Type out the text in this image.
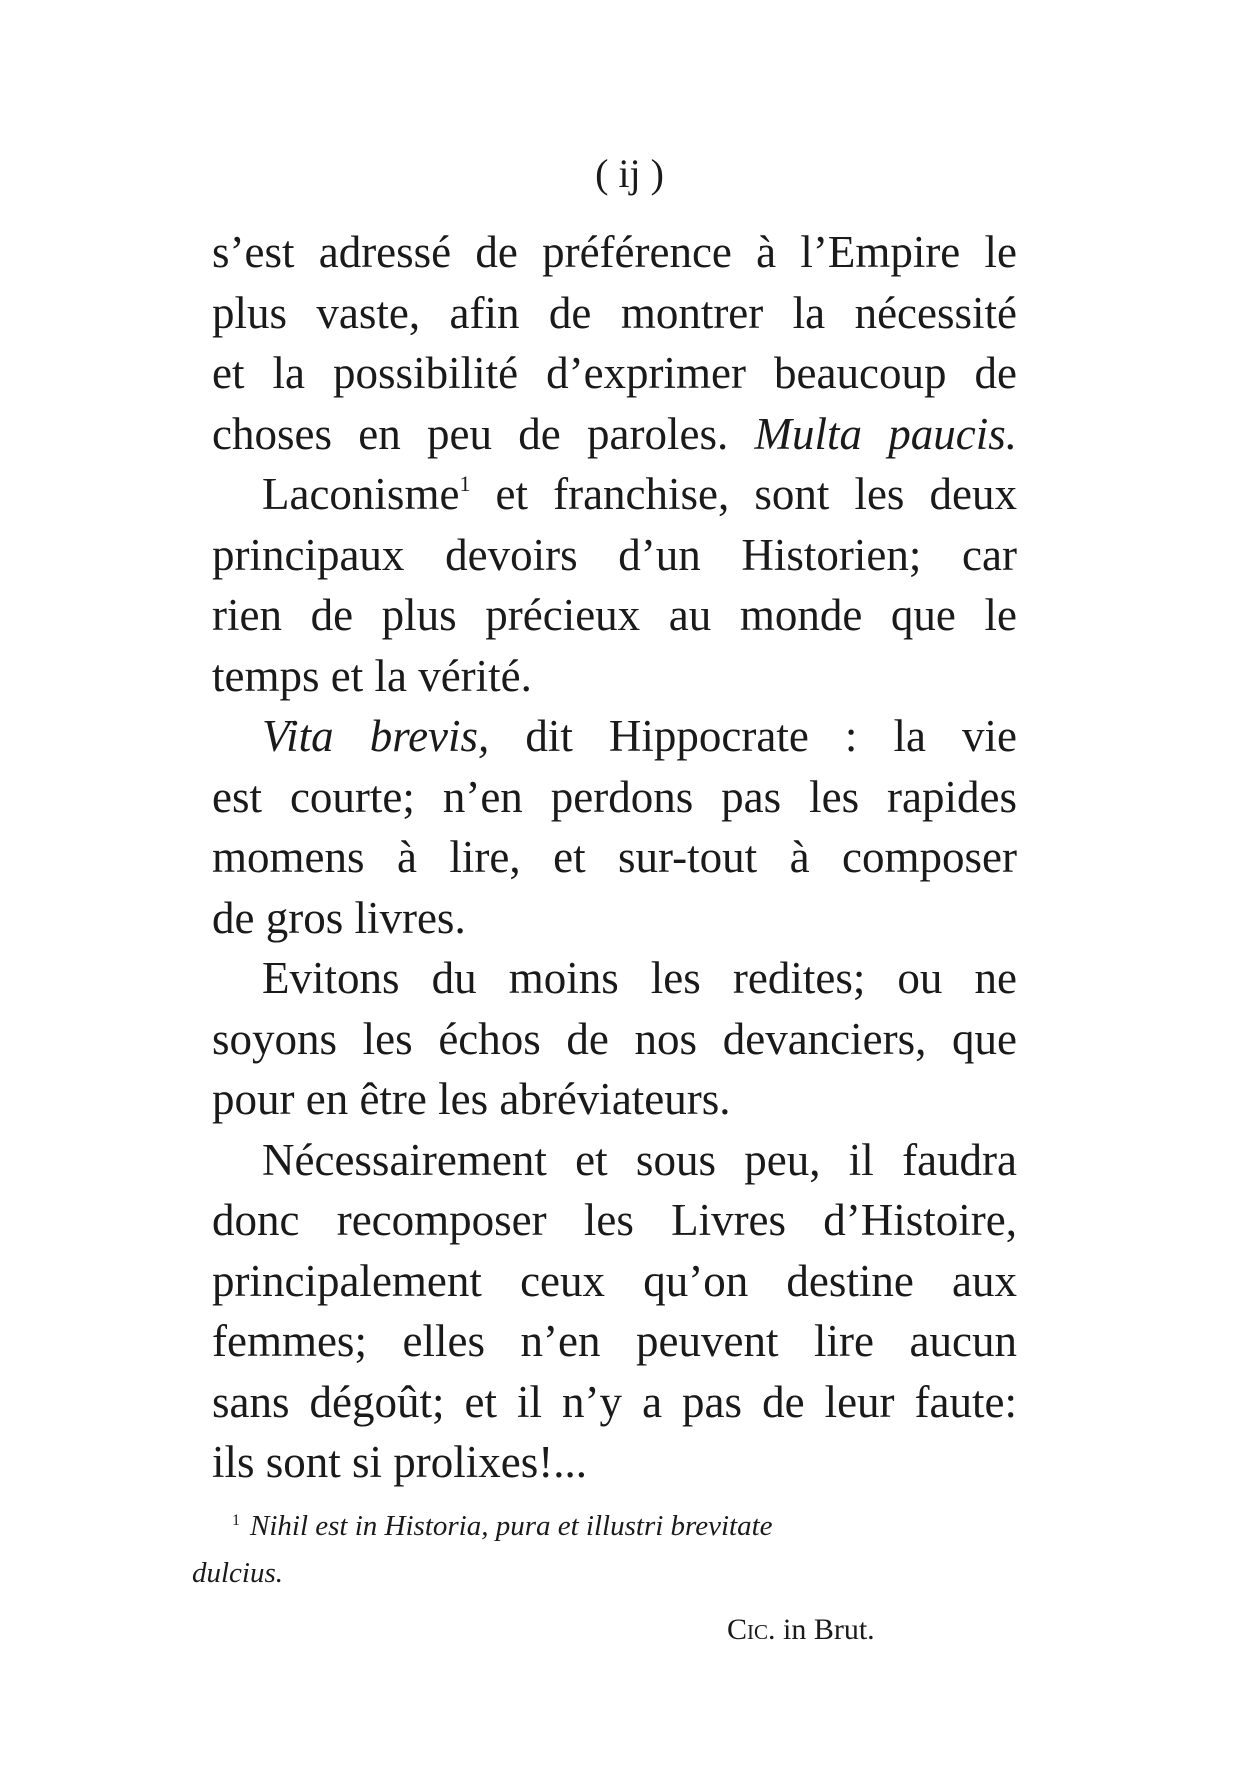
( ij )
s’est adressé de préférence à l’Empire le
plus vaste, afin de montrer la nécessité
et la possibilité d’exprimer beaucoup de
choses en peu de paroles. Multa paucis.
Laconisme$^1$ et franchise, sont les deux
principaux devoirs d’un Historien; car
rien de plus précieux au monde que le
temps et la vérité.
Vita brevis, dit Hippocrate : la vie
est courte; n’en perdons pas les rapides
momens à lire, et sur-tout à composer
de gros livres.
Evitons du moins les redites; ou ne
soyons les échos de nos devanciers, que
pour en être les abréviateurs.
Nécessairement et sous peu, il faudra
donc recomposer les Livres d’Histoire,
principalement ceux qu’on destine aux
femmes; elles n’en peuvent lire aucun
sans dégoût; et il n’y a pas de leur faute:
ils sont si prolixes!...
$^1$ Nihil est in Historia, pura et illustri brevitate
dulcius.
Cic. in Brut.
